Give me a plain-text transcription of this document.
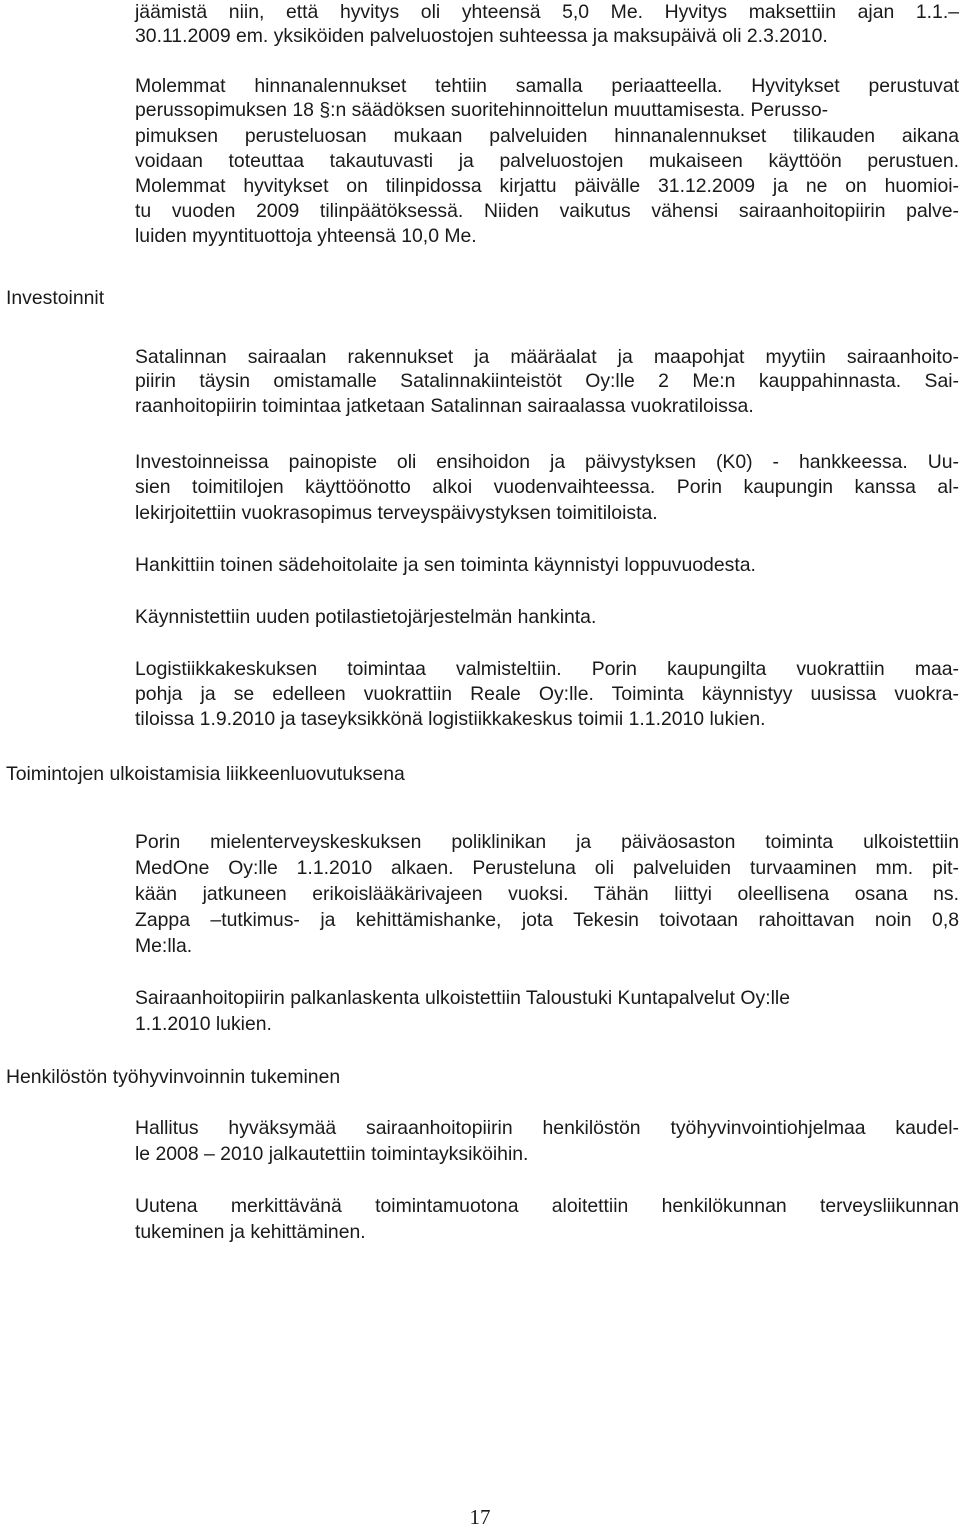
jäämistä niin, että hyvitys oli yhteensä 5,0 Me. Hyvitys maksettiin ajan 1.1.–
30.11.2009 em. yksiköiden palveluostojen suhteessa ja maksupäivä oli 2.3.2010.
Molemmat hinnanalennukset tehtiin samalla periaatteella. Hyvitykset perustuvat
perussopimuksen 18 §:n säädöksen suoritehinnoittelun muuttamisesta. Perusso-
pimuksen perusteluosan mukaan palveluiden hinnanalennukset tilikauden aikana
voidaan toteuttaa takautuvasti ja palveluostojen mukaiseen käyttöön perustuen.
Molemmat hyvitykset on tilinpidossa kirjattu päivälle 31.12.2009 ja ne on huomioi-
tu vuoden 2009 tilinpäätöksessä. Niiden vaikutus vähensi sairaanhoitopiirin palve-
luiden myyntituottoja yhteensä 10,0 Me.
Investoinnit
Satalinnan sairaalan rakennukset ja määräalat ja maapohjat myytiin sairaanhoito-
piirin täysin omistamalle Satalinnakiinteistöt Oy:lle 2 Me:n kauppahinnasta. Sai-
raanhoitopiirin toimintaa jatketaan Satalinnan sairaalassa vuokratiloissa.
Investoinneissa painopiste oli ensihoidon ja päivystyksen (K0) - hankkeessa. Uu-
sien toimitilojen käyttöönotto alkoi vuodenvaihteessa. Porin kaupungin kanssa al-
lekirjoitettiin vuokrasopimus terveyspäivystyksen toimitiloista.
Hankittiin toinen sädehoitolaite ja sen toiminta käynnistyi loppuvuodesta.
Käynnistettiin uuden potilastietojärjestelmän hankinta.
Logistiikkakeskuksen toimintaa valmisteltiin. Porin kaupungilta vuokrattiin maa-
pohja ja se edelleen vuokrattiin Reale Oy:lle. Toiminta käynnistyy uusissa vuokra-
tiloissa 1.9.2010 ja taseyksikkönä logistiikkakeskus toimii 1.1.2010 lukien.
Toimintojen ulkoistamisia liikkeenluovutuksena
Porin mielenterveyskeskuksen poliklinikan ja päiväosaston toiminta ulkoistettiin
MedOne Oy:lle 1.1.2010 alkaen. Perusteluna oli palveluiden turvaaminen mm. pit-
kään jatkuneen erikoislääkärivajeen vuoksi. Tähän liittyi oleellisena osana ns.
Zappa –tutkimus- ja kehittämishanke, jota Tekesin toivotaan rahoittavan noin 0,8
Me:lla.
Sairaanhoitopiirin palkanlaskenta ulkoistettiin Taloustuki Kuntapalvelut Oy:lle
1.1.2010 lukien.
Henkilöstön työhyvinvoinnin tukeminen
Hallitus hyväksymää sairaanhoitopiirin henkilöstön työhyvinvointiohjelmaa kaudel-
le 2008 – 2010 jalkautettiin toimintayksiköihin.
Uutena merkittävänä toimintamuotona aloitettiin henkilökunnan terveysliikunnan
tukeminen ja kehittäminen.
17
